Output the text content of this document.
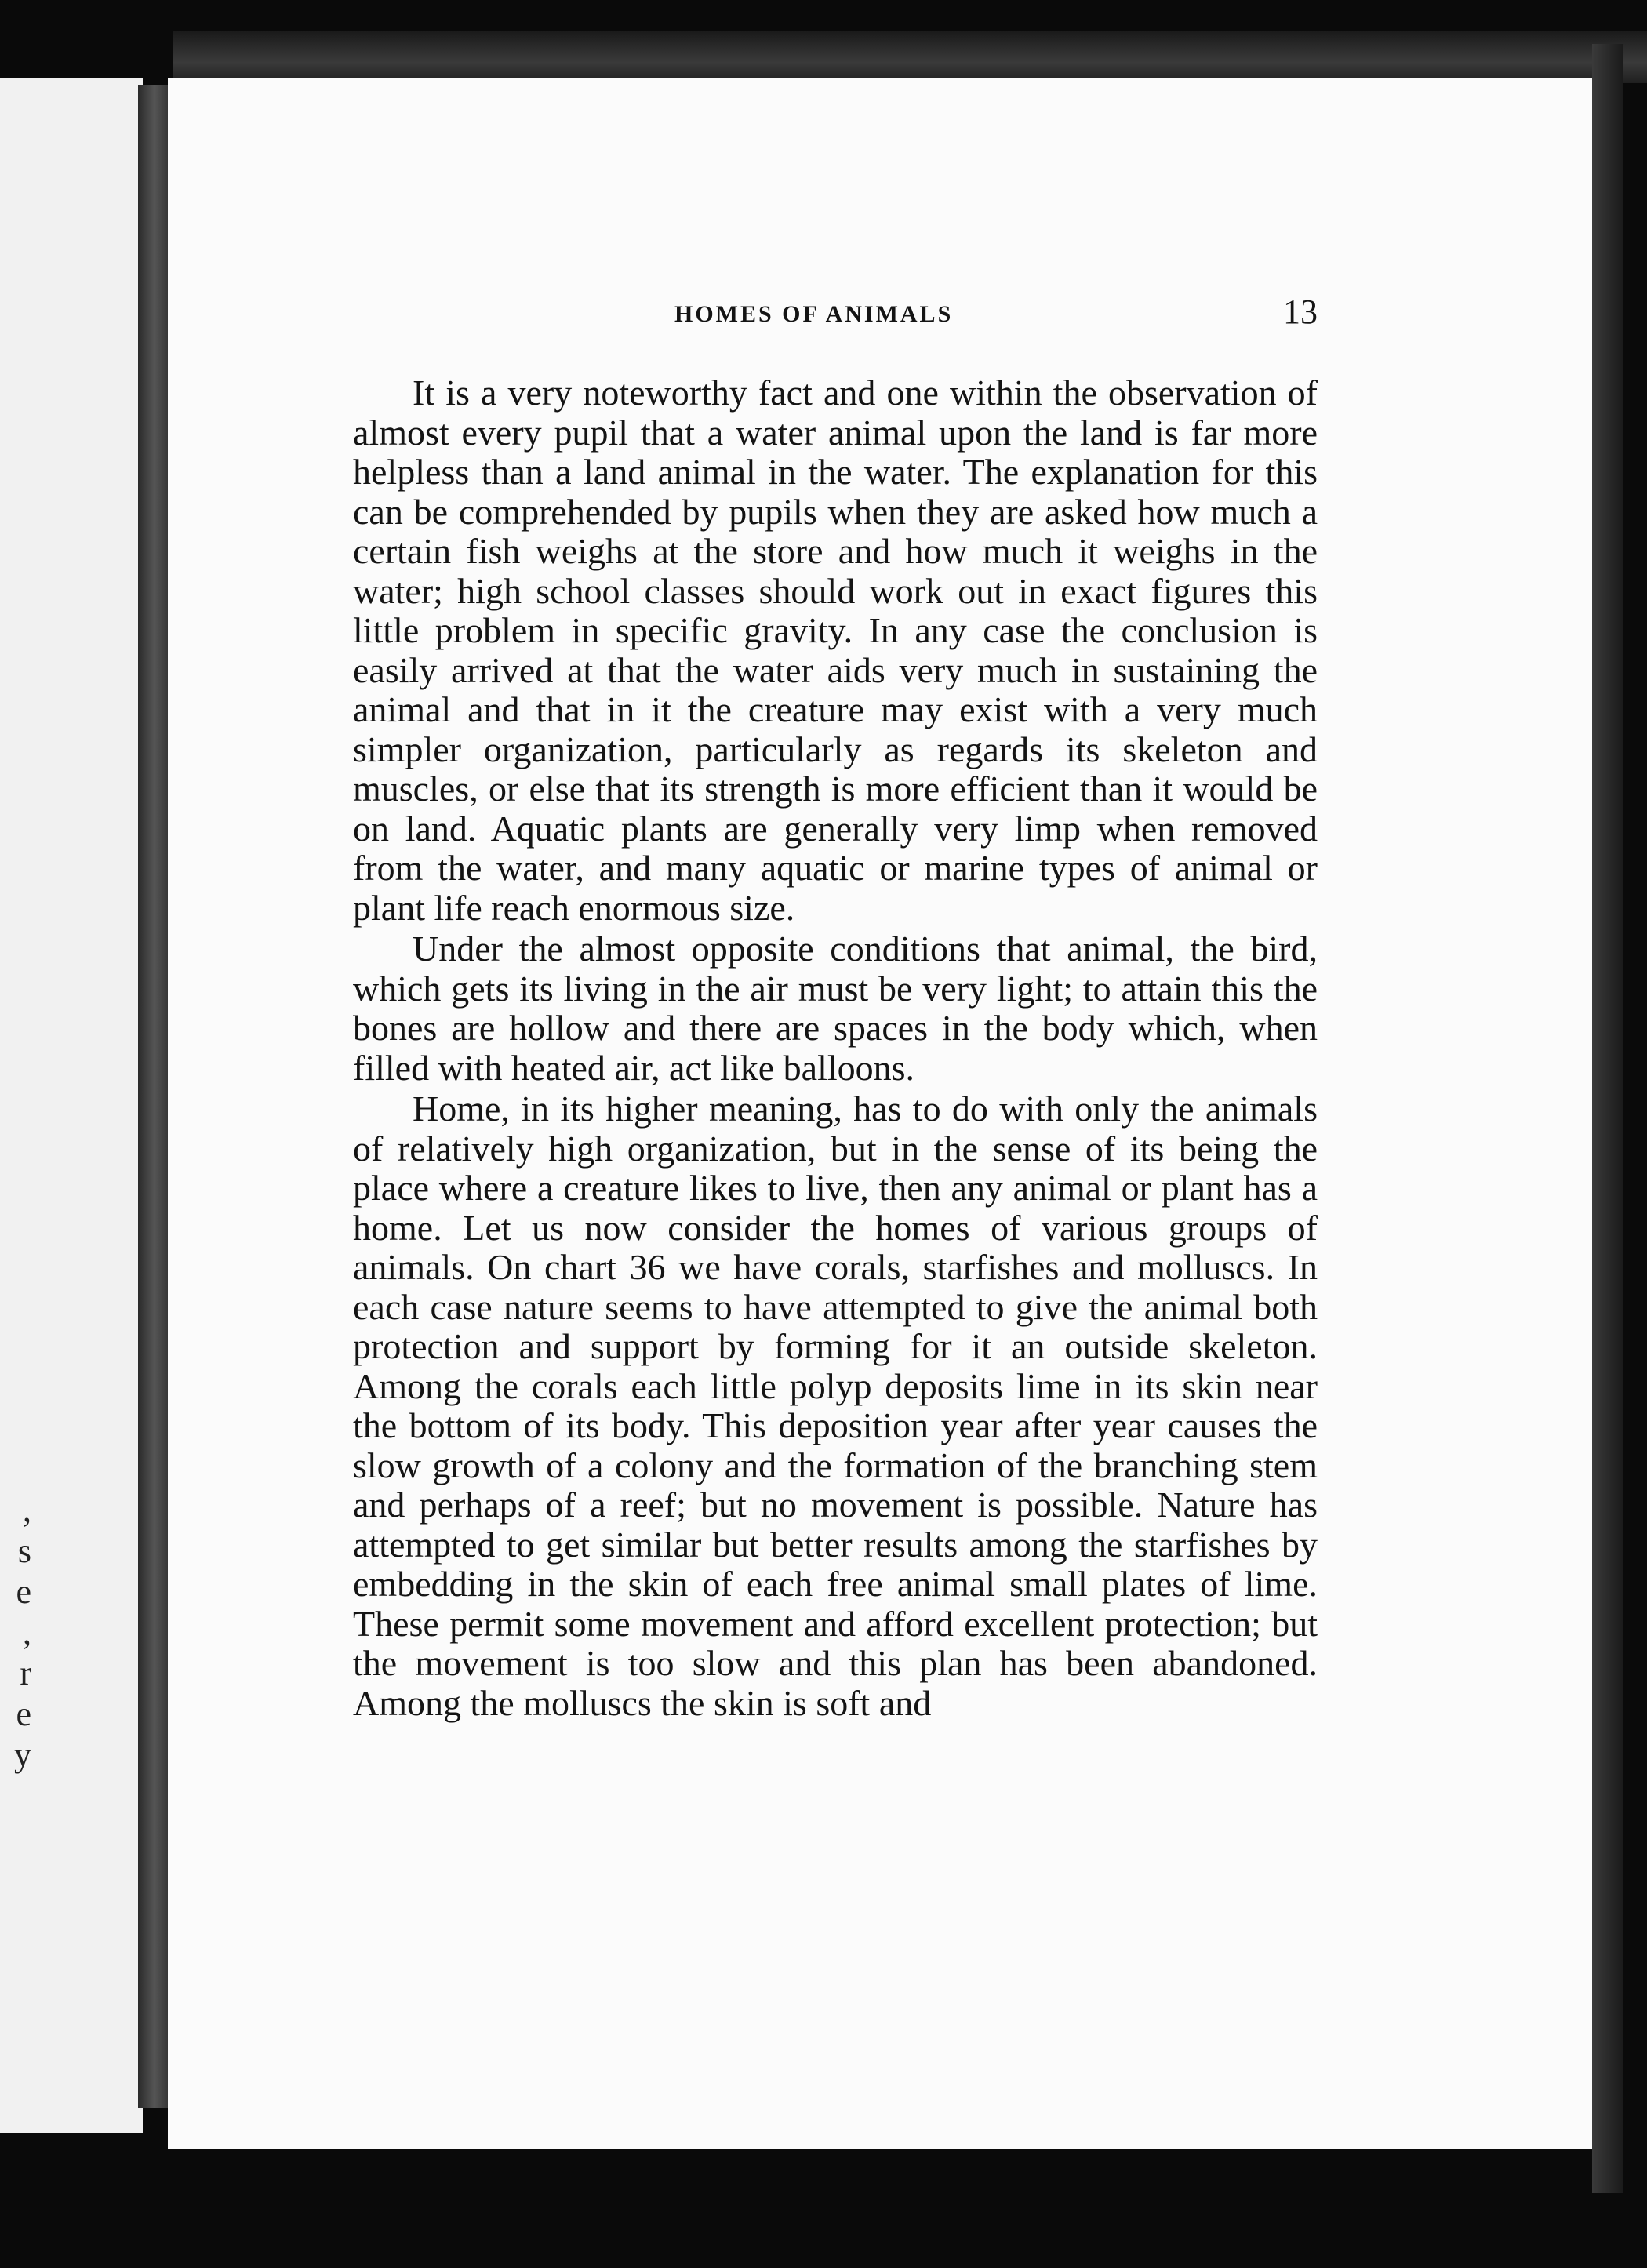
,
s
e
,
r
e
y
HOMES OF ANIMALS	13

It is a very noteworthy fact and one within the observation of almost every pupil that a water animal upon the land is far more helpless than a land animal in the water. The explanation for this can be comprehended by pupils when they are asked how much a certain fish weighs at the store and how much it weighs in the water; high school classes should work out in exact figures this little problem in specific gravity. In any case the conclusion is easily arrived at that the water aids very much in sustaining the animal and that in it the creature may exist with a very much simpler organization, particularly as regards its skeleton and muscles, or else that its strength is more efficient than it would be on land. Aquatic plants are generally very limp when removed from the water, and many aquatic or marine types of animal or plant life reach enormous size.

Under the almost opposite conditions that animal, the bird, which gets its living in the air must be very light; to attain this the bones are hollow and there are spaces in the body which, when filled with heated air, act like balloons.

Home, in its higher meaning, has to do with only the animals of relatively high organization, but in the sense of its being the place where a creature likes to live, then any animal or plant has a home. Let us now consider the homes of various groups of animals. On chart 36 we have corals, starfishes and molluscs. In each case nature seems to have attempted to give the animal both protection and support by forming for it an outside skeleton. Among the corals each little polyp deposits lime in its skin near the bottom of its body. This deposition year after year causes the slow growth of a colony and the formation of the branching stem and perhaps of a reef; but no movement is possible. Nature has attempted to get similar but better results among the starfishes by embedding in the skin of each free animal small plates of lime. These permit some movement and afford excellent protection; but the movement is too slow and this plan has been abandoned. Among the molluscs the skin is soft and
